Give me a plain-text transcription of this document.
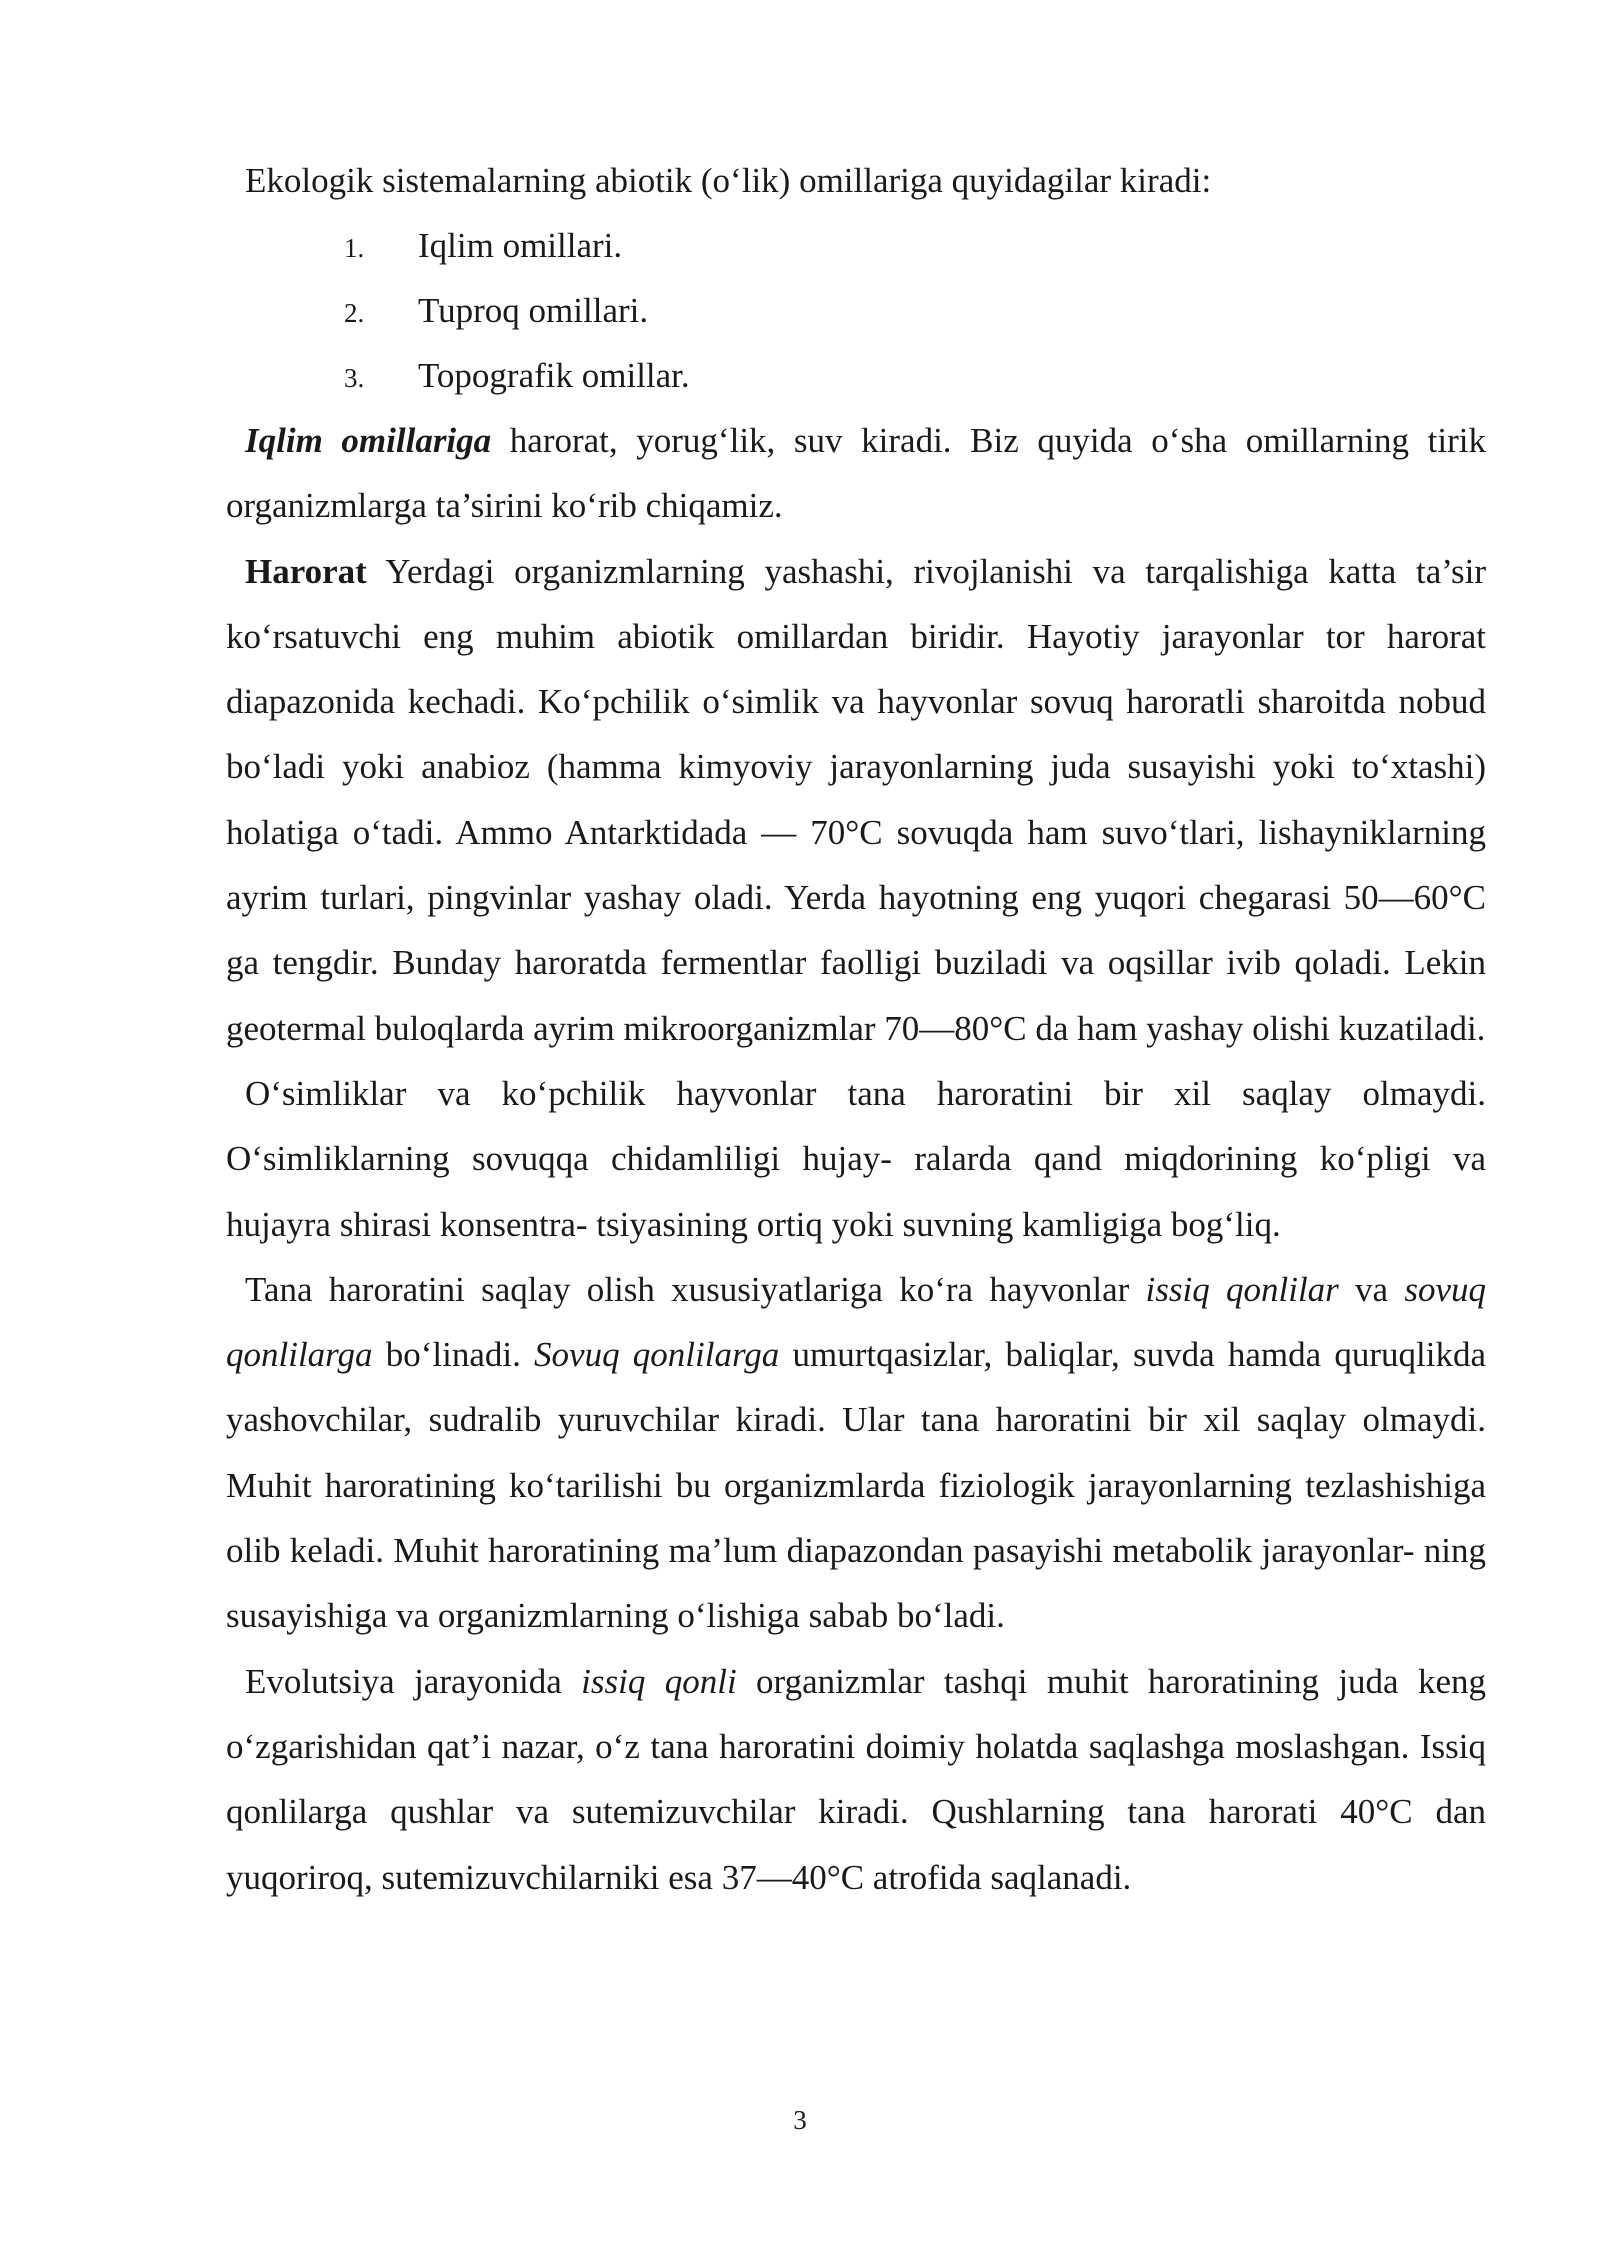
Ekologik sistemalarning abiotik (o‘lik) omillariga quyidagilar kiradi:

1.	Iqlim omillari.
2.	Tuproq omillari.
3.	Topografik omillar.

Iqlim omillariga harorat, yorug‘lik, suv kiradi. Biz quyida o‘sha omillarning tirik organizmlarga ta’sirini ko‘rib chiqamiz.

Harorat Yerdagi organizmlarning yashashi, rivojlanishi va tarqalishiga katta ta’sir ko‘rsatuvchi eng muhim abiotik omillardan biridir. Hayotiy jarayonlar tor harorat diapazonida kechadi. Ko‘pchilik o‘simlik va hayvonlar sovuq haroratli sharoitda nobud bo‘ladi yoki anabioz (hamma kimyoviy jarayonlarning juda susayishi yoki to‘xtashi) holatiga o‘tadi. Ammo Antarktidada — 70°C sovuqda ham suvo‘tlari, lishayniklarning ayrim turlari, pingvinlar yashay oladi. Yerda hayotning eng yuqori chegarasi 50—60°C ga tengdir. Bunday haroratda fermentlar faolligi buziladi va oqsillar ivib qoladi. Lekin geotermal buloqlarda ayrim mikroorganizmlar 70—80°C da ham yashay olishi kuzatiladi.

O‘simliklar va ko‘pchilik hayvonlar tana haroratini bir xil saqlay olmaydi. O‘simliklarning sovuqqa chidamliligi hujay- ralarda qand miqdorining ko‘pligi va hujayra shirasi konsentra- tsiyasining ortiq yoki suvning kamligiga bog‘liq.

Tana haroratini saqlay olish xususiyatlariga ko‘ra hayvonlar issiq qonlilar va sovuq qonlilarga bo‘linadi. Sovuq qonlilarga umurtqasizlar, baliqlar, suvda hamda quruqlikda yashovchilar, sudralib yuruvchilar kiradi. Ular tana haroratini bir xil saqlay olmaydi. Muhit haroratining ko‘tarilishi bu organizmlarda fiziologik jarayonlarning tezlashishiga olib keladi. Muhit haroratining ma’lum diapazondan pasayishi metabolik jarayonlar- ning susayishiga va organizmlarning o‘lishiga sabab bo‘ladi.

Evolutsiya jarayonida issiq qonli organizmlar tashqi muhit haroratining juda keng o‘zgarishidan qat’i nazar, o‘z tana haroratini doimiy holatda saqlashga moslashgan. Issiq qonlilarga qushlar va sutemizuvchilar kiradi. Qushlarning tana harorati 40°C dan yuqoriroq, sutemizuvchilarniki esa 37—40°C atrofida saqlanadi.

3
